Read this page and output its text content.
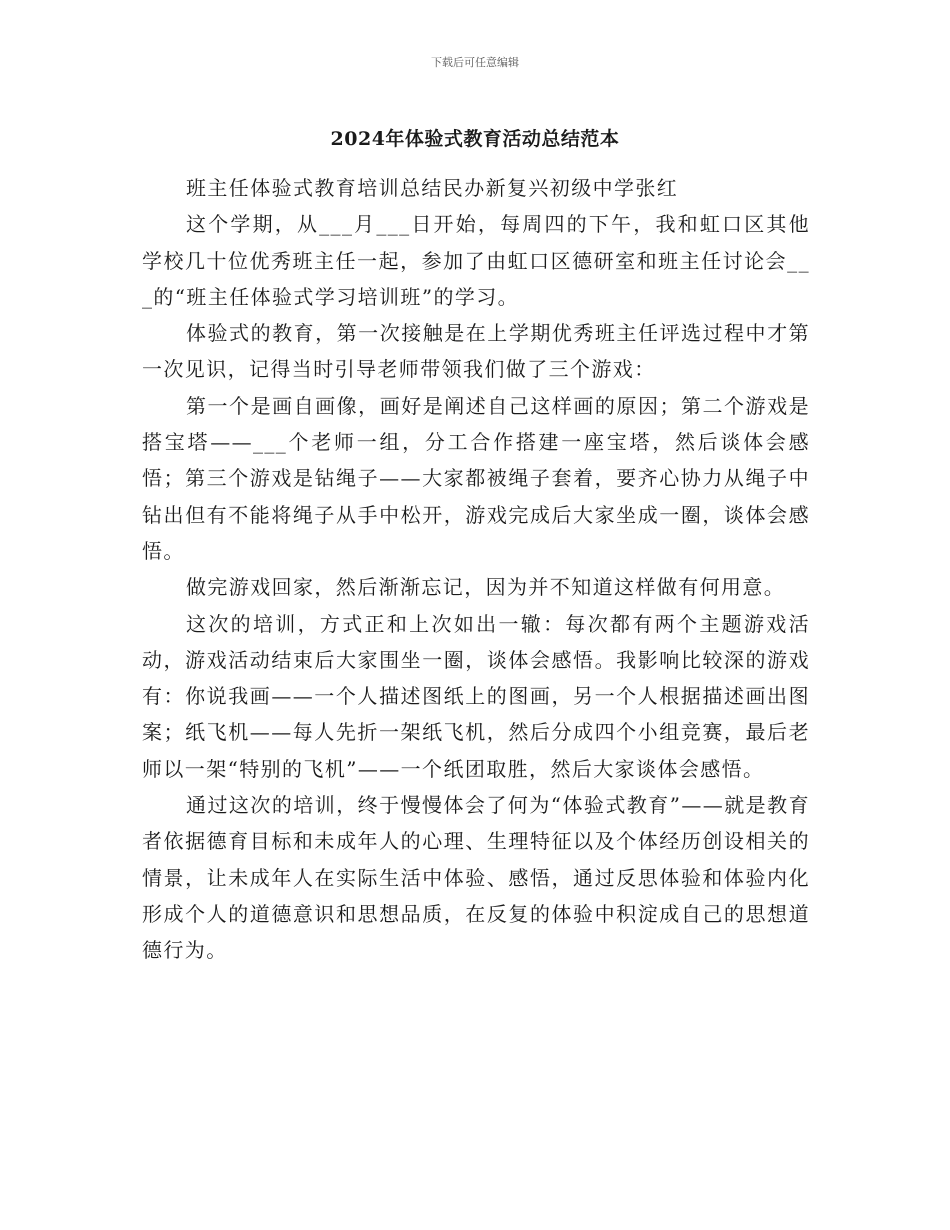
下载后可任意编辑
2024年体验式教育活动总结范本

班主任体验式教育培训总结民办新复兴初级中学张红

这个学期，从___月___日开始，每周四的下午，我和虹口区其他学校几十位优秀班主任一起，参加了由虹口区德研室和班主任讨论会___的“班主任体验式学习培训班”的学习。

体验式的教育，第一次接触是在上学期优秀班主任评选过程中才第一次见识，记得当时引导老师带领我们做了三个游戏：

第一个是画自画像，画好是阐述自己这样画的原因；第二个游戏是搭宝塔——___个老师一组，分工合作搭建一座宝塔，然后谈体会感悟；第三个游戏是钻绳子——大家都被绳子套着，要齐心协力从绳子中钻出但有不能将绳子从手中松开，游戏完成后大家坐成一圈，谈体会感悟。

做完游戏回家，然后渐渐忘记，因为并不知道这样做有何用意。

这次的培训，方式正和上次如出一辙：每次都有两个主题游戏活动，游戏活动结束后大家围坐一圈，谈体会感悟。我影响比较深的游戏有：你说我画——一个人描述图纸上的图画，另一个人根据描述画出图案；纸飞机——每人先折一架纸飞机，然后分成四个小组竞赛，最后老师以一架“特别的飞机”——一个纸团取胜，然后大家谈体会感悟。

通过这次的培训，终于慢慢体会了何为“体验式教育”——就是教育者依据德育目标和未成年人的心理、生理特征以及个体经历创设相关的情景，让未成年人在实际生活中体验、感悟，通过反思体验和体验内化形成个人的道德意识和思想品质，在反复的体验中积淀成自己的思想道德行为。
